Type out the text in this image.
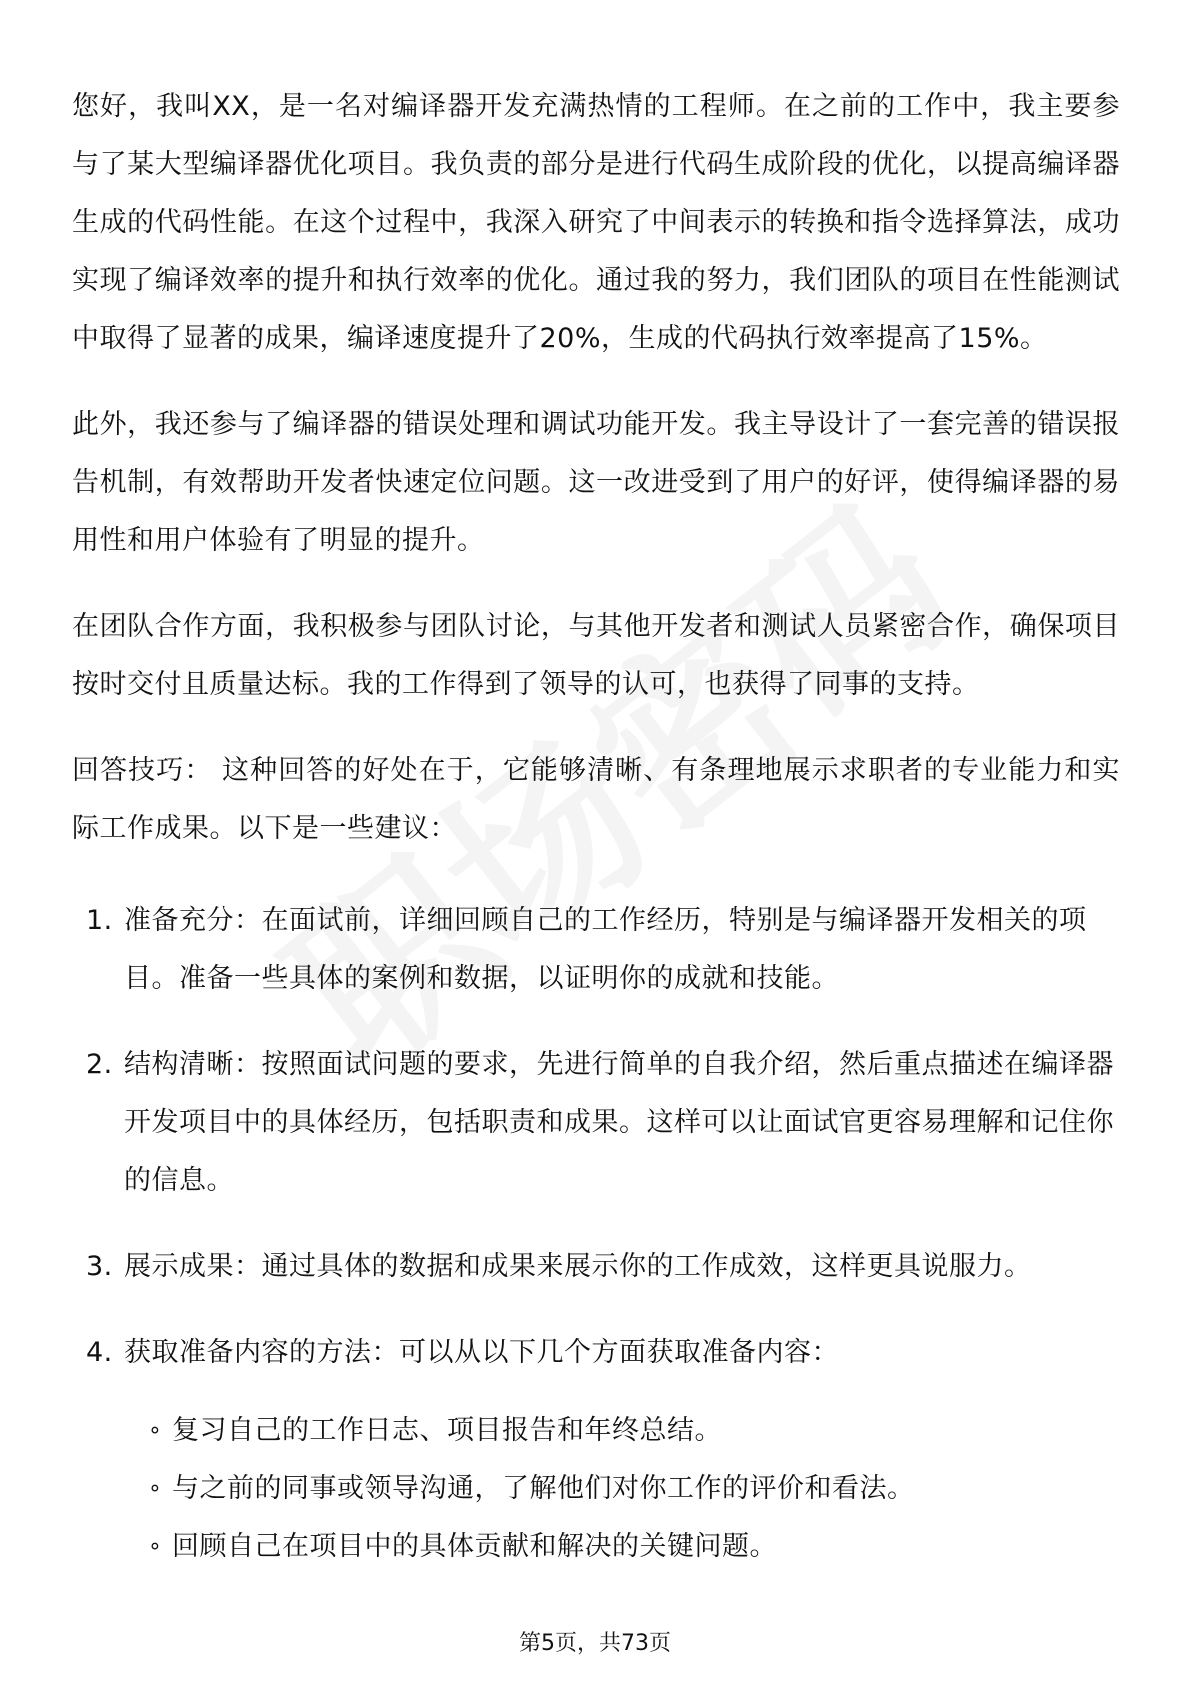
您好，我叫XX，是一名对编译器开发充满热情的工程师。在之前的工作中，我主要参与了某大型编译器优化项目。我负责的部分是进行代码生成阶段的优化，以提高编译器生成的代码性能。在这个过程中，我深入研究了中间表示的转换和指令选择算法，成功实现了编译效率的提升和执行效率的优化。通过我的努力，我们团队的项目在性能测试中取得了显著的成果，编译速度提升了20%，生成的代码执行效率提高了15%。

此外，我还参与了编译器的错误处理和调试功能开发。我主导设计了一套完善的错误报告机制，有效帮助开发者快速定位问题。这一改进受到了用户的好评，使得编译器的易用性和用户体验有了明显的提升。

在团队合作方面，我积极参与团队讨论，与其他开发者和测试人员紧密合作，确保项目按时交付且质量达标。我的工作得到了领导的认可，也获得了同事的支持。

回答技巧： 这种回答的好处在于，它能够清晰、有条理地展示求职者的专业能力和实际工作成果。以下是一些建议：

1. 准备充分：在面试前，详细回顾自己的工作经历，特别是与编译器开发相关的项目。准备一些具体的案例和数据，以证明你的成就和技能。
2. 结构清晰：按照面试问题的要求，先进行简单的自我介绍，然后重点描述在编译器开发项目中的具体经历，包括职责和成果。这样可以让面试官更容易理解和记住你的信息。
3. 展示成果：通过具体的数据和成果来展示你的工作成效，这样更具说服力。
4. 获取准备内容的方法：可以从以下几个方面获取准备内容：
∘ 复习自己的工作日志、项目报告和年终总结。
∘ 与之前的同事或领导沟通，了解他们对你工作的评价和看法。
∘ 回顾自己在项目中的具体贡献和解决的关键问题。
第5页，共73页
